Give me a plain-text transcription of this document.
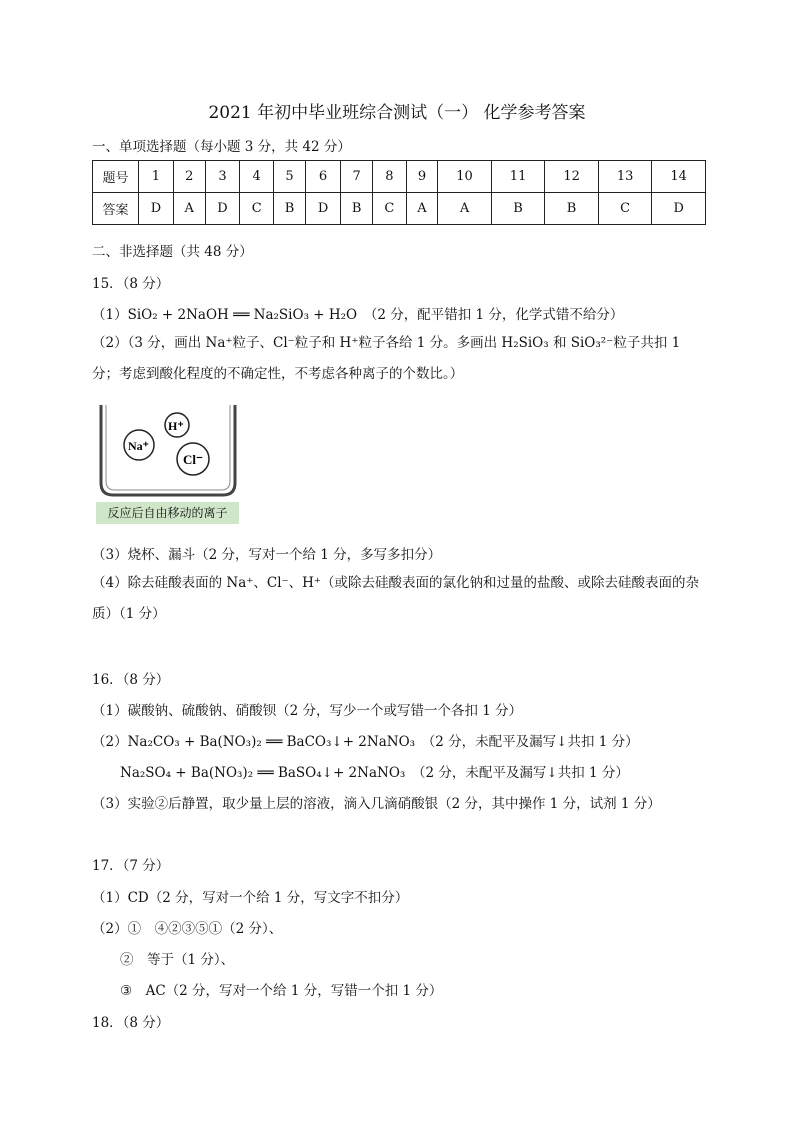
2021 年初中毕业班综合测试（一） 化学参考答案
一、单项选择题（每小题 3 分，共 42 分）
题号	1	2	3	4	5	6	7	8	9	10	11	12	13	14
答案	D	A	D	C	B	D	B	C	A	A	B	B	C	D
二、非选择题（共 48 分）
15．（8 分）
（1）SiO₂ + 2NaOH ══ Na₂SiO₃ + H₂O　（2 分，配平错扣 1 分，化学式错不给分）
（2）（3 分，画出 Na⁺粒子、Cl⁻粒子和 H⁺粒子各给 1 分。多画出 H₂SiO₃ 和 SiO₃²⁻粒子共扣 1 分；考虑到酸化程度的不确定性，不考虑各种离子的个数比。）
Na⁺
H⁺
Cl⁻
反应后自由移动的离子
（3）烧杯、漏斗（2 分，写对一个给 1 分，多写多扣分）
（4）除去硅酸表面的 Na⁺、Cl⁻、H⁺（或除去硅酸表面的氯化钠和过量的盐酸、或除去硅酸表面的杂质）（1 分）
16．（8 分）
（1）碳酸钠、硫酸钠、硝酸钡（2 分，写少一个或写错一个各扣 1 分）
（2）Na₂CO₃ + Ba(NO₃)₂ ══ BaCO₃↓+ 2NaNO₃　（2 分，未配平及漏写↓共扣 1 分）
Na₂SO₄ + Ba(NO₃)₂ ══ BaSO₄↓+ 2NaNO₃　（2 分，未配平及漏写↓共扣 1 分）
（3）实验②后静置，取少量上层的溶液，滴入几滴硝酸银（2 分，其中操作 1 分，试剂 1 分）
17．（7 分）
（1）CD（2 分，写对一个给 1 分，写文字不扣分）
（2）①　④②③⑤①（2 分）、
②　等于（1 分）、
③　AC（2 分，写对一个给 1 分，写错一个扣 1 分）
18．（8 分）
